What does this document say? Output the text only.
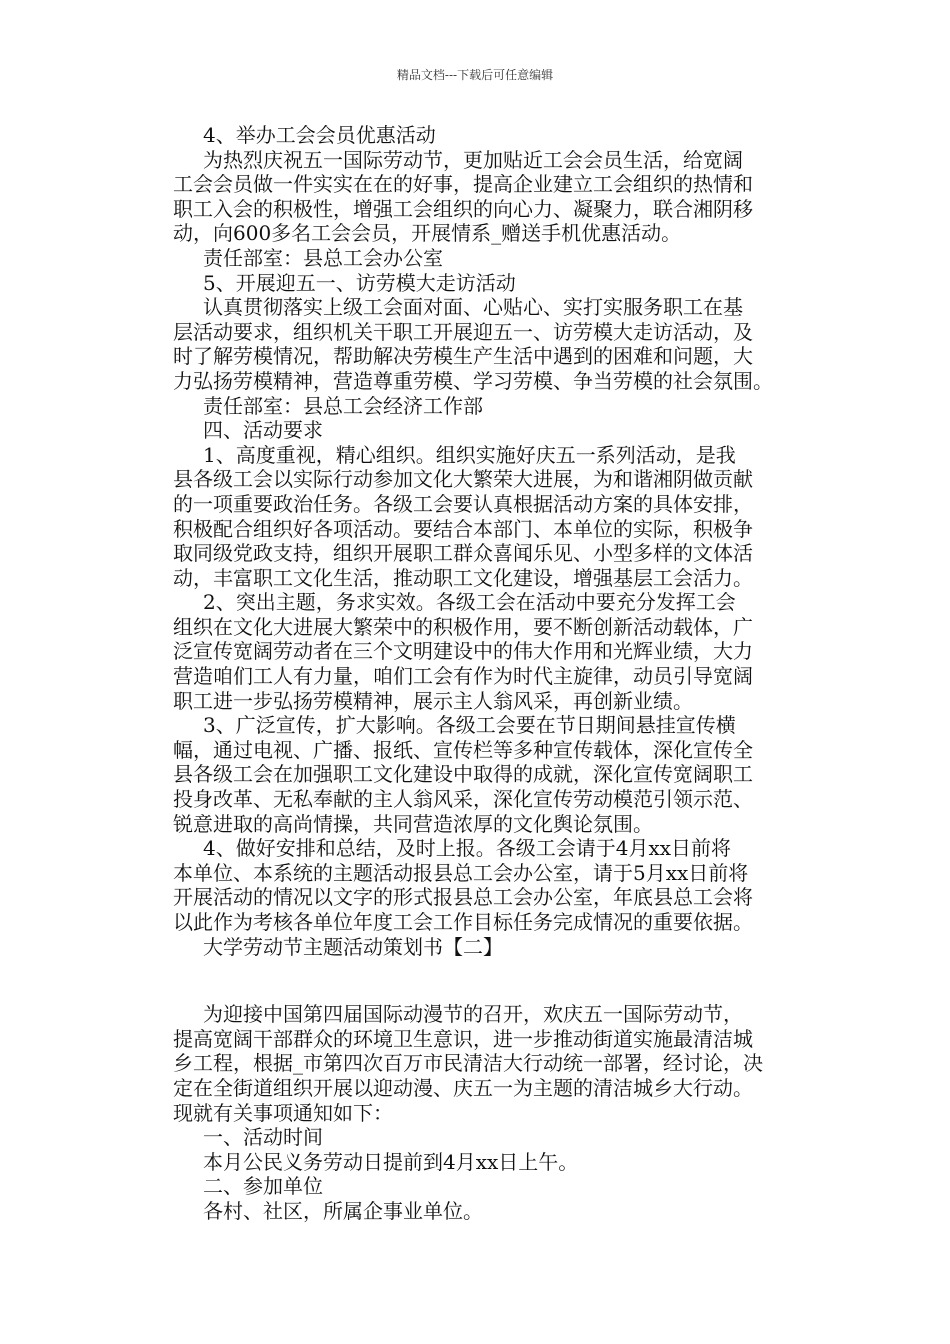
精品文档---下载后可任意编辑
4、举办工会会员优惠活动
为热烈庆祝五一国际劳动节，更加贴近工会会员生活，给宽阔
工会会员做一件实实在在的好事，提高企业建立工会组织的热情和
职工入会的积极性，增强工会组织的向心力、凝聚力，联合湘阴移
动，向600多名工会会员，开展情系_赠送手机优惠活动。
责任部室：县总工会办公室
5、开展迎五一、访劳模大走访活动
认真贯彻落实上级工会面对面、心贴心、实打实服务职工在基
层活动要求，组织机关干职工开展迎五一、访劳模大走访活动，及
时了解劳模情况，帮助解决劳模生产生活中遇到的困难和问题，大
力弘扬劳模精神，营造尊重劳模、学习劳模、争当劳模的社会氛围。
责任部室：县总工会经济工作部
四、活动要求
1、高度重视，精心组织。组织实施好庆五一系列活动，是我
县各级工会以实际行动参加文化大繁荣大进展，为和谐湘阴做贡献
的一项重要政治任务。各级工会要认真根据活动方案的具体安排，
积极配合组织好各项活动。要结合本部门、本单位的实际，积极争
取同级党政支持，组织开展职工群众喜闻乐见、小型多样的文体活
动，丰富职工文化生活，推动职工文化建设，增强基层工会活力。
2、突出主题，务求实效。各级工会在活动中要充分发挥工会
组织在文化大进展大繁荣中的积极作用，要不断创新活动载体，广
泛宣传宽阔劳动者在三个文明建设中的伟大作用和光辉业绩，大力
营造咱们工人有力量，咱们工会有作为时代主旋律，动员引导宽阔
职工进一步弘扬劳模精神，展示主人翁风采，再创新业绩。
3、广泛宣传，扩大影响。各级工会要在节日期间悬挂宣传横
幅，通过电视、广播、报纸、宣传栏等多种宣传载体，深化宣传全
县各级工会在加强职工文化建设中取得的成就，深化宣传宽阔职工
投身改革、无私奉献的主人翁风采，深化宣传劳动模范引领示范、
锐意进取的高尚情操，共同营造浓厚的文化舆论氛围。
4、做好安排和总结，及时上报。各级工会请于4月xx日前将
本单位、本系统的主题活动报县总工会办公室，请于5月xx日前将
开展活动的情况以文字的形式报县总工会办公室，年底县总工会将
以此作为考核各单位年度工会工作目标任务完成情况的重要依据。
大学劳动节主题活动策划书【二】
为迎接中国第四届国际动漫节的召开，欢庆五一国际劳动节，
提高宽阔干部群众的环境卫生意识，进一步推动街道实施最清洁城
乡工程，根据_市第四次百万市民清洁大行动统一部署，经讨论，决
定在全街道组织开展以迎动漫、庆五一为主题的清洁城乡大行动。
现就有关事项通知如下：
一、活动时间
本月公民义务劳动日提前到4月xx日上午。
二、参加单位
各村、社区，所属企事业单位。
